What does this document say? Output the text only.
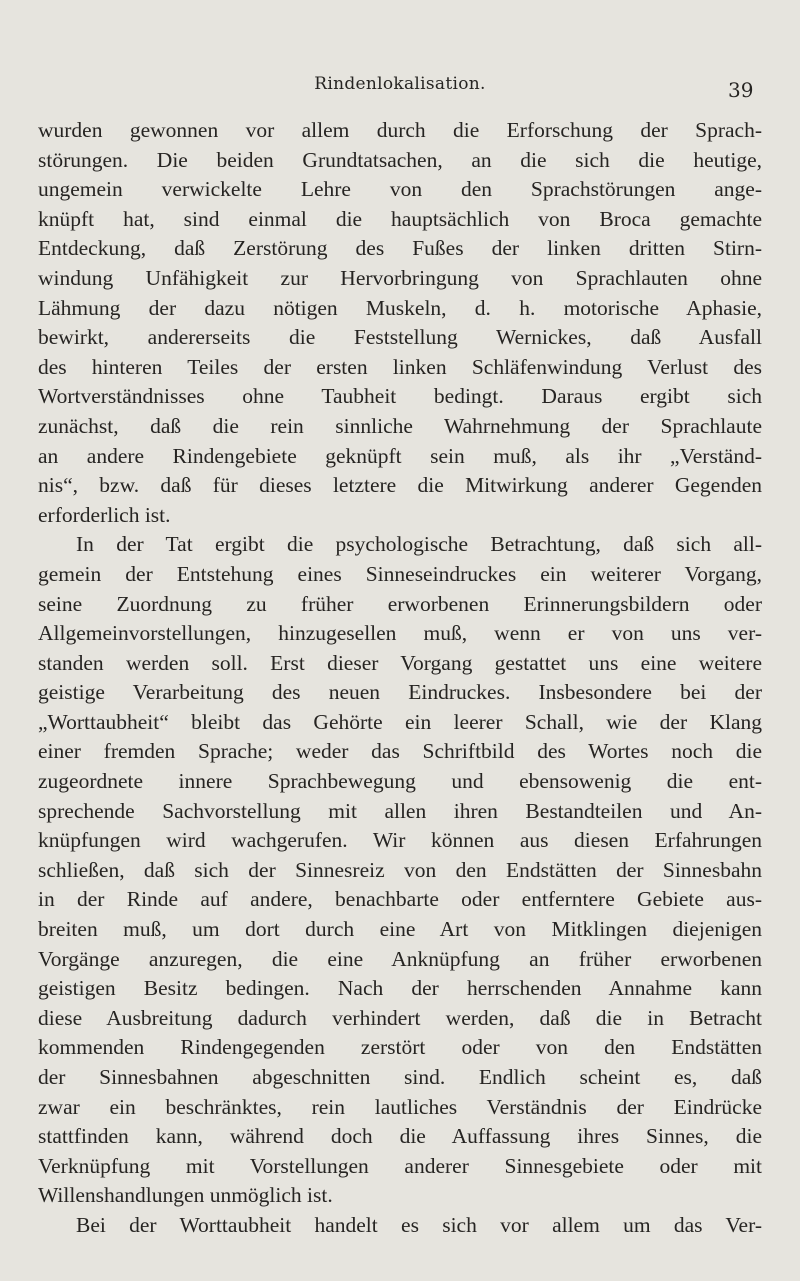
Rindenlokalisation.	39
wurden gewonnen vor allem durch die Erforschung der Sprach-
störungen. Die beiden Grundtatsachen, an die sich die heutige,
ungemein verwickelte Lehre von den Sprachstörungen ange-
knüpft hat, sind einmal die hauptsächlich von Broca gemachte
Entdeckung, daß Zerstörung des Fußes der linken dritten Stirn-
windung Unfähigkeit zur Hervorbringung von Sprachlauten ohne
Lähmung der dazu nötigen Muskeln, d. h. motorische Aphasie,
bewirkt, andererseits die Feststellung Wernickes, daß Ausfall
des hinteren Teiles der ersten linken Schläfenwindung Verlust des
Wortverständnisses ohne Taubheit bedingt. Daraus ergibt sich
zunächst, daß die rein sinnliche Wahrnehmung der Sprachlaute
an andere Rindengebiete geknüpft sein muß, als ihr „Verständ-
nis“, bzw. daß für dieses letztere die Mitwirkung anderer Gegenden
erforderlich ist.
In der Tat ergibt die psychologische Betrachtung, daß sich all-
gemein der Entstehung eines Sinneseindruckes ein weiterer Vorgang,
seine Zuordnung zu früher erworbenen Erinnerungsbildern oder
Allgemeinvorstellungen, hinzugesellen muß, wenn er von uns ver-
standen werden soll. Erst dieser Vorgang gestattet uns eine weitere
geistige Verarbeitung des neuen Eindruckes. Insbesondere bei der
„Worttaubheit“ bleibt das Gehörte ein leerer Schall, wie der Klang
einer fremden Sprache; weder das Schriftbild des Wortes noch die
zugeordnete innere Sprachbewegung und ebensowenig die ent-
sprechende Sachvorstellung mit allen ihren Bestandteilen und An-
knüpfungen wird wachgerufen. Wir können aus diesen Erfahrungen
schließen, daß sich der Sinnesreiz von den Endstätten der Sinnesbahn
in der Rinde auf andere, benachbarte oder entferntere Gebiete aus-
breiten muß, um dort durch eine Art von Mitklingen diejenigen
Vorgänge anzuregen, die eine Anknüpfung an früher erworbenen
geistigen Besitz bedingen. Nach der herrschenden Annahme kann
diese Ausbreitung dadurch verhindert werden, daß die in Betracht
kommenden Rindengegenden zerstört oder von den Endstätten
der Sinnesbahnen abgeschnitten sind. Endlich scheint es, daß
zwar ein beschränktes, rein lautliches Verständnis der Eindrücke
stattfinden kann, während doch die Auffassung ihres Sinnes, die
Verknüpfung mit Vorstellungen anderer Sinnesgebiete oder mit
Willenshandlungen unmöglich ist.
Bei der Worttaubheit handelt es sich vor allem um das Ver-
